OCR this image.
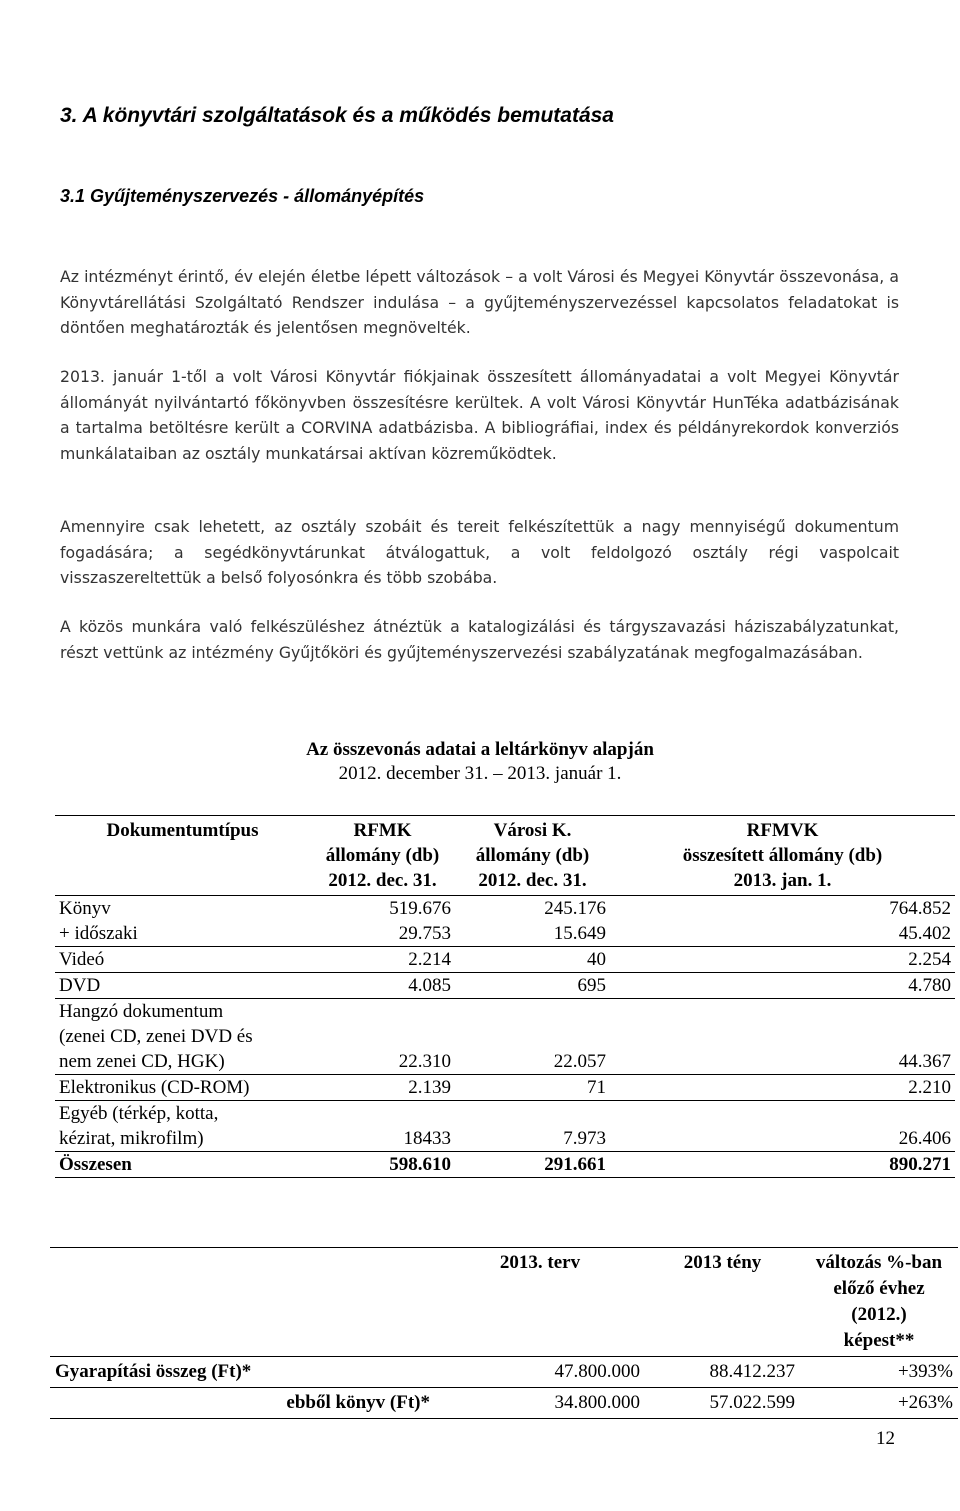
3. A könyvtári szolgáltatások és a működés bemutatása
3.1 Gyűjteményszervezés - állományépítés

Az intézményt érintő, év elején életbe lépett változások – a volt Városi és Megyei Könyvtár összevonása, a Könyvtárellátási Szolgáltató Rendszer indulása – a gyűjteményszervezéssel kapcsolatos feladatokat is döntően meghatározták és jelentősen megnövelték.

2013. január 1-től a volt Városi Könyvtár fiókjainak összesített állományadatai a volt Megyei Könyvtár állományát nyilvántartó főkönyvben összesítésre kerültek. A volt Városi Könyvtár HunTéka adatbázisának a tartalma betöltésre került a CORVINA adatbázisba. A bibliográfiai, index és példányrekordok konverziós munkálataiban az osztály munkatársai aktívan közreműködtek.

Amennyire csak lehetett, az osztály szobáit és tereit felkészítettük a nagy mennyiségű dokumentum fogadására; a segédkönyvtárunkat átválogattuk, a volt feldolgozó osztály régi vaspolcait visszaszereltettük a belső folyosónkra és több szobába.

A közös munkára való felkészüléshez átnéztük a katalogizálási és tárgyszavazási háziszabályzatunkat, részt vettünk az intézmény Gyűjtőköri és gyűjteményszervezési szabályzatának megfogalmazásában.

Az összevonás adatai a leltárkönyv alapján

2012. december 31. – 2013. január 1.

Dokumentumtípus	RFMK
állomány (db)
2012. dec. 31.	Városi K.
állomány (db)
2012. dec. 31.	RFMVK
összesített állomány (db)
2013. jan. 1.
Könyv	519.676	245.176	764.852
+ időszaki	29.753	15.649	45.402
Videó	2.214	40	2.254
DVD	4.085	695	4.780
Hangzó dokumentum
(zenei CD, zenei DVD és
nem zenei CD, HGK)	22.310	22.057	44.367
Elektronikus (CD-ROM)	2.139	71	2.210
Egyéb (térkép, kotta,
kézirat, mikrofilm)	18433	7.973	26.406
Összesen	598.610	291.661	890.271
	2013. terv	2013 tény	változás %-ban
előző évhez (2012.)
képest**
Gyarapítási összeg (Ft)*	47.800.000	88.412.237	+393%
ebből könyv (Ft)*	34.800.000	57.022.599	+263%

12
